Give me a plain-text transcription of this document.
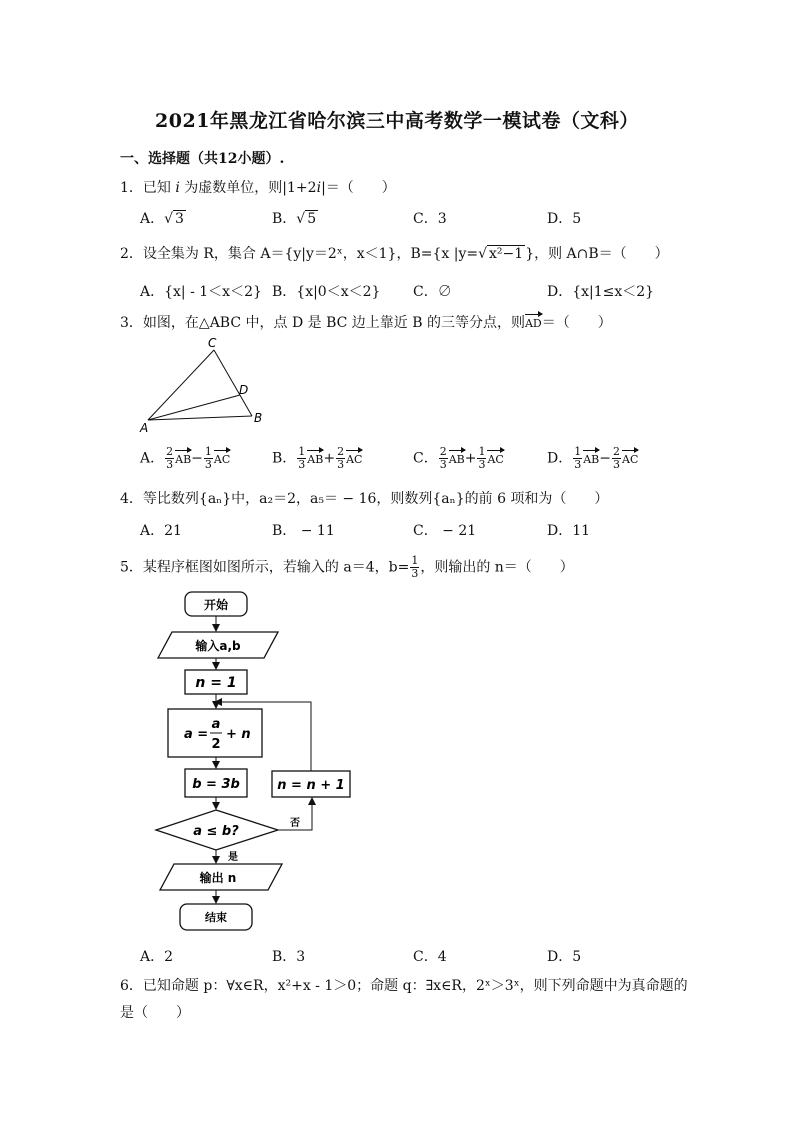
2021年黑龙江省哈尔滨三中高考数学一模试卷（文科）
一、选择题（共12小题）.
1．已知 i 为虚数单位，则|1+2i|＝（　　）
A．√ 3	B．√ 5	C．3	D．5
2．设全集为 R，集合 A＝{y|y＝2ˣ，x＜1}，B={x |y=√ x²−1 }，则 A∩B＝（　　）
A．{x| - 1＜x＜2} B．{x|0＜x＜2} C．∅	D．{x|1≤x＜2}
3．如图，在△ABC 中，点 D 是 BC 边上靠近 B 的三等分点，则AD＝（　　）
A
B
C
D
A． $\frac{2}{3} AB- \frac{1}{3}$ AC	B． $\frac{1}{3} AB+ \frac{2}{3}$ AC	C． $\frac{2}{3} AB+ \frac{1}{3}$ AC	D． $\frac{1}{3} AB- \frac{2}{3}$ AC
4．等比数列{aₙ}中，a₂＝2，a₅＝ − 16，则数列{aₙ}的前 6 项和为（　　）
A．21	B． − 11	C． − 21	D．11
5．某程序框图如图所示，若输入的 a＝4，$b= \frac{1}{3}$ ，则输出的 n＝（　　）
开始
输入a,b
n = 1
a =
a
2
+ n
b = 3b
a ≤ b?
否
n = n + 1
是
输出 n
结束
A．2	B．3	C．4	D．5
6．已知命题 p：∀x∈R，x²+x - 1＞0；命题 q：∃x∈R，2ˣ＞3ˣ，则下列命题中为真命题的是（　　）
